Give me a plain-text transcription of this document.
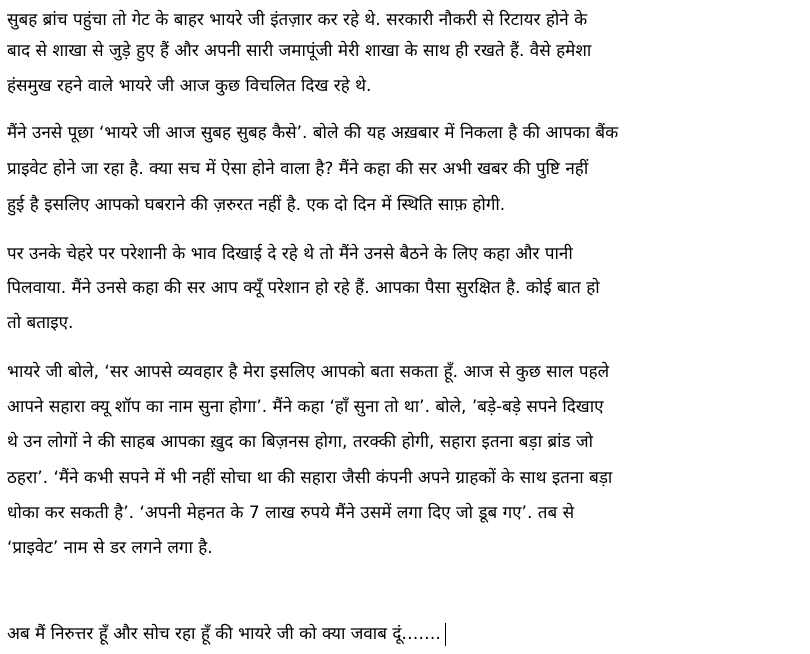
सुबह ब्रांच पहुंचा तो गेट के बाहर भायरे जी इंतज़ार कर रहे थे. सरकारी नौकरी से रिटायर होने के
बाद से शाखा से जुड़े हुए हैं और अपनी सारी जमापूंजी मेरी शाखा के साथ ही रखते हैं. वैसे हमेशा
हंसमुख रहने वाले भायरे जी आज कुछ विचलित दिख रहे थे.
मैंने उनसे पूछा ‘भायरे जी आज सुबह सुबह कैसे’. बोले की यह अख़बार में निकला है की आपका बैंक
प्राइवेट होने जा रहा है. क्या सच में ऐसा होने वाला है? मैंने कहा की सर अभी खबर की पुष्टि नहीं
हुई है इसलिए आपको घबराने की ज़रुरत नहीं है. एक दो दिन में स्थिति साफ़ होगी.
पर उनके चेहरे पर परेशानी के भाव दिखाई दे रहे थे तो मैंने उनसे बैठने के लिए कहा और पानी
पिलवाया. मैंने उनसे कहा की सर आप क्यूँ परेशान हो रहे हैं. आपका पैसा सुरक्षित है. कोई बात हो
तो बताइए.
भायरे जी बोले, ‘सर आपसे व्यवहार है मेरा इसलिए आपको बता सकता हूँ. आज से कुछ साल पहले
आपने सहारा क्यू शॉप का नाम सुना होगा’. मैंने कहा ‘हाँ सुना तो था’. बोले, ’बड़े-बड़े सपने दिखाए
थे उन लोगों ने की साहब आपका ख़ुद का बिज़नस होगा, तरक्की होगी, सहारा इतना बड़ा ब्रांड जो
ठहरा’. ‘मैंने कभी सपने में भी नहीं सोचा था की सहारा जैसी कंपनी अपने ग्राहकों के साथ इतना बड़ा
धोका कर सकती है’. ‘अपनी मेहनत के 7 लाख रुपये मैंने उसमें लगा दिए जो डूब गए’. तब से
‘प्राइवेट’ नाम से डर लगने लगा है.
अब मैं निरुत्तर हूँ और सोच रहा हूँ की भायरे जी को क्या जवाब दूं…….
